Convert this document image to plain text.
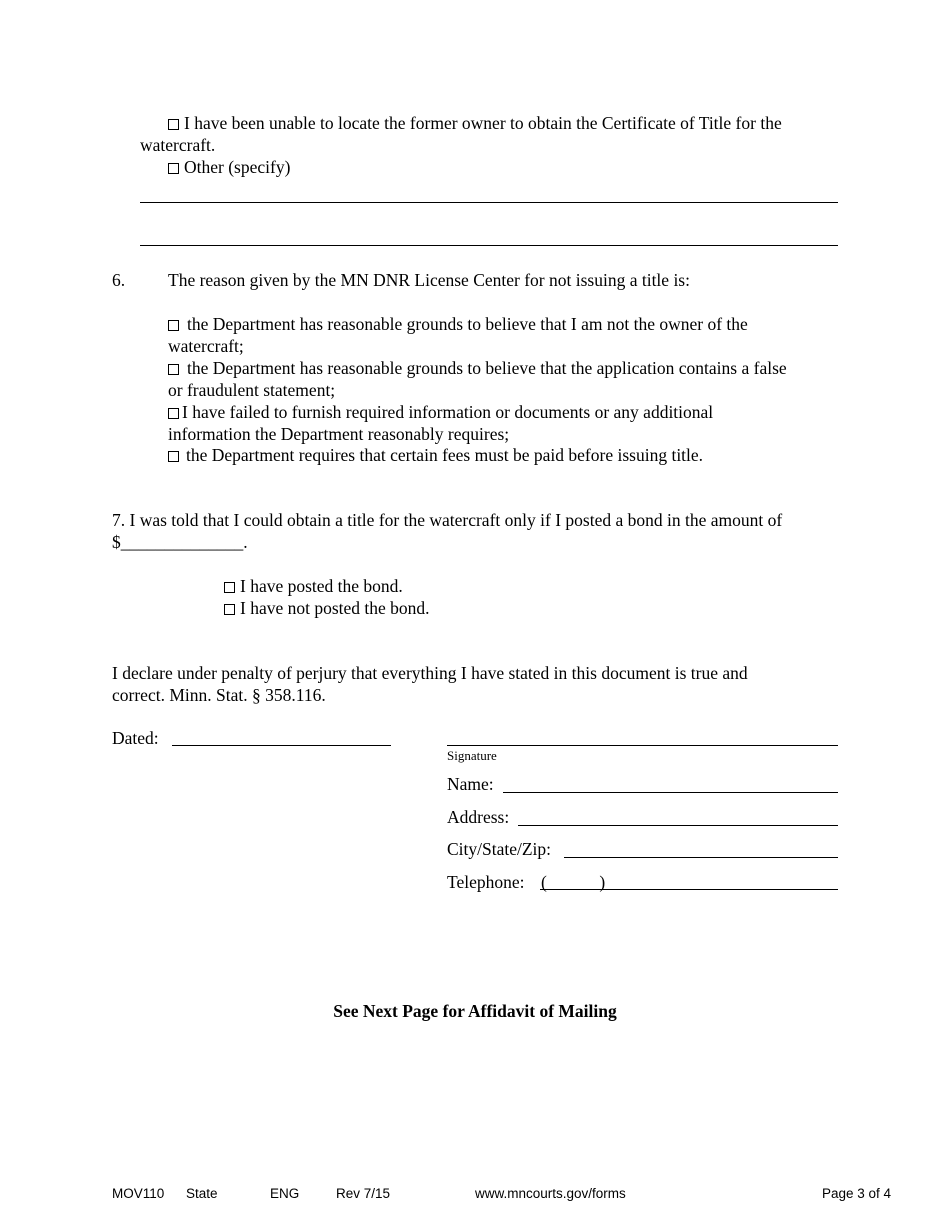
I have been unable to locate the former owner to obtain the Certificate of Title for the
watercraft.
Other (specify)
6. The reason given by the MN DNR License Center for not issuing a title is:
the Department has reasonable grounds to believe that I am not the owner of the
watercraft;
the Department has reasonable grounds to believe that the application contains a false
or fraudulent statement;
I have failed to furnish required information or documents or any additional
information the Department reasonably requires;
the Department requires that certain fees must be paid before issuing title.
7. I was told that I could obtain a title for the watercraft only if I posted a bond in the amount of
$______________.
I have posted the bond.
I have not posted the bond.
I declare under penalty of perjury that everything I have stated in this document is true and
correct. Minn. Stat. § 358.116.
Dated:
Signature
Name:
Address:
City/State/Zip:
Telephone: (            )
See Next Page for Affidavit of Mailing
MOV110 State	ENG	Rev 7/15	www.mncourts.gov/forms	Page 3 of 4
